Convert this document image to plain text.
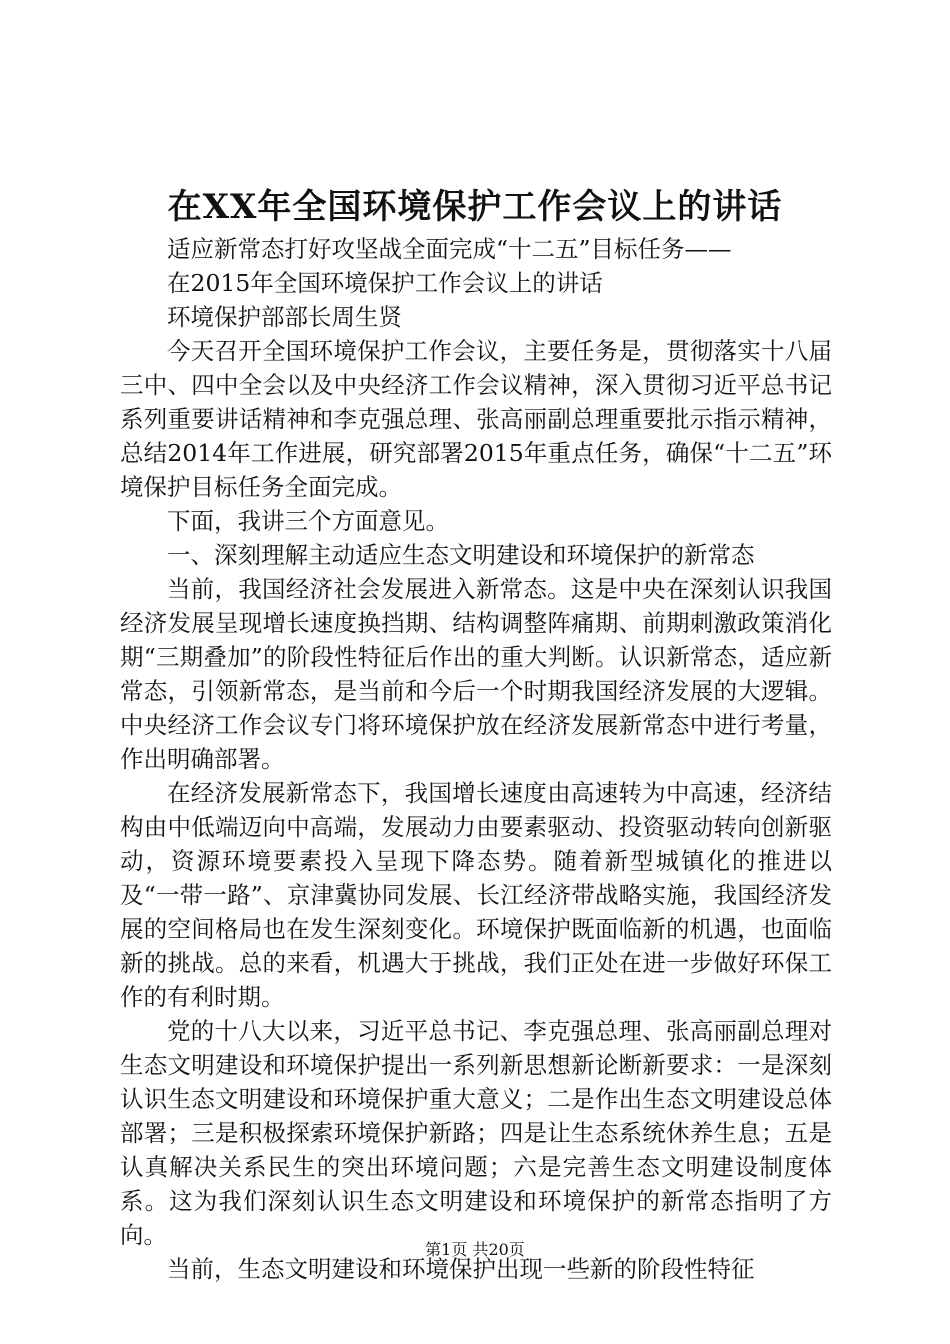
在XX年全国环境保护工作会议上的讲话

适应新常态打好攻坚战全面完成“十二五”目标任务——

在2015年全国环境保护工作会议上的讲话

环境保护部部长周生贤

今天召开全国环境保护工作会议，主要任务是，贯彻落实十八届三中、四中全会以及中央经济工作会议精神，深入贯彻习近平总书记系列重要讲话精神和李克强总理、张高丽副总理重要批示指示精神，总结2014年工作进展，研究部署2015年重点任务，确保“十二五”环境保护目标任务全面完成。

下面，我讲三个方面意见。

一、深刻理解主动适应生态文明建设和环境保护的新常态

当前，我国经济社会发展进入新常态。这是中央在深刻认识我国经济发展呈现增长速度换挡期、结构调整阵痛期、前期刺激政策消化期“三期叠加”的阶段性特征后作出的重大判断。认识新常态，适应新常态，引领新常态，是当前和今后一个时期我国经济发展的大逻辑。中央经济工作会议专门将环境保护放在经济发展新常态中进行考量，作出明确部署。

在经济发展新常态下，我国增长速度由高速转为中高速，经济结构由中低端迈向中高端，发展动力由要素驱动、投资驱动转向创新驱动，资源环境要素投入呈现下降态势。随着新型城镇化的推进以及“一带一路”、京津冀协同发展、长江经济带战略实施，我国经济发展的空间格局也在发生深刻变化。环境保护既面临新的机遇，也面临新的挑战。总的来看，机遇大于挑战，我们正处在进一步做好环保工作的有利时期。

党的十八大以来，习近平总书记、李克强总理、张高丽副总理对生态文明建设和环境保护提出一系列新思想新论断新要求：一是深刻认识生态文明建设和环境保护重大意义；二是作出生态文明建设总体部署；三是积极探索环境保护新路；四是让生态系统休养生息；五是认真解决关系民生的突出环境问题；六是完善生态文明建设制度体系。这为我们深刻认识生态文明建设和环境保护的新常态指明了方向。

当前，生态文明建设和环境保护出现一些新的阶段性特征

第1页 共20页
